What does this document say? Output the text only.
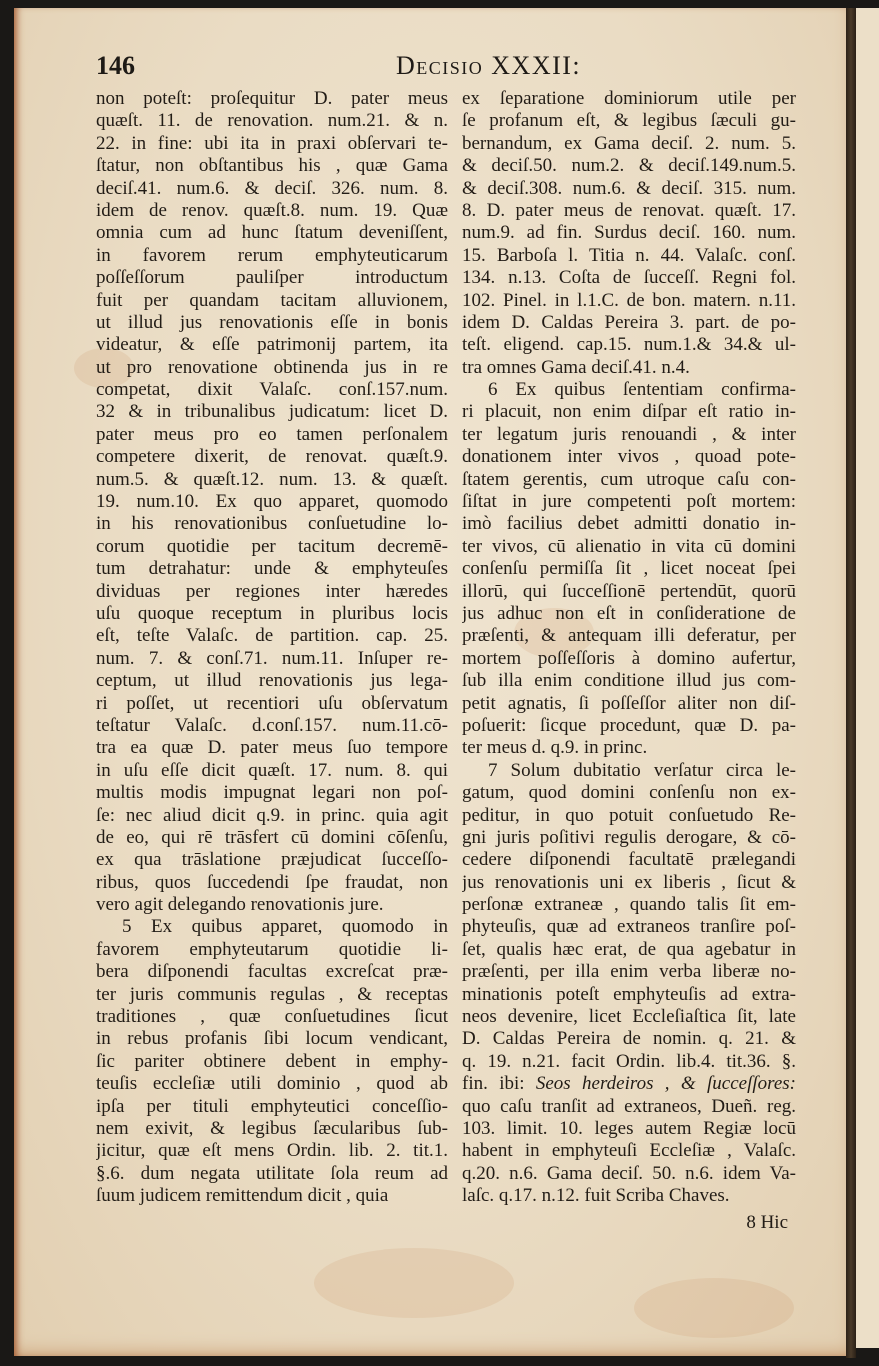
146	Decisio XXXII:
non poteſt: proſequitur D. pater meus
quæſt. 11. de renovation. num.21. & n.
22. in fine: ubi ita in praxi obſervari te-
ſtatur, non obſtantibus his , quæ Gama
deciſ.41. num.6. & deciſ. 326. num. 8.
idem de renov. quæſt.8. num. 19. Quæ
omnia cum ad hunc ſtatum deveniſſent,
in favorem rerum emphyteuticarum
poſſeſſorum pauliſper introductum
fuit per quandam tacitam alluvionem,
ut illud jus renovationis eſſe in bonis
videatur, & eſſe patrimonij partem, ita
ut pro renovatione obtinenda jus in re
competat, dixit Valaſc. conſ.157.num.
32 & in tribunalibus judicatum: licet D.
pater meus pro eo tamen perſonalem
competere dixerit, de renovat. quæſt.9.
num.5. & quæſt.12. num. 13. & quæſt.
19. num.10. Ex quo apparet, quomodo
in his renovationibus conſuetudine lo-
corum quotidie per tacitum decremē-
tum detrahatur: unde & emphyteuſes
dividuas per regiones inter hæredes
uſu quoque receptum in pluribus locis
eſt, teſte Valaſc. de partition. cap. 25.
num. 7. & conſ.71. num.11. Inſuper re-
ceptum, ut illud renovationis jus lega-
ri poſſet, ut recentiori uſu obſervatum
teſtatur Valaſc. d.conſ.157. num.11.cō-
tra ea quæ D. pater meus ſuo tempore
in uſu eſſe dicit quæſt. 17. num. 8. qui
multis modis impugnat legari non poſ-
ſe: nec aliud dicit q.9. in princ. quia agit
de eo, qui rē trāsfert cū domini cōſenſu,
ex qua trāslatione præjudicat ſucceſſo-
ribus, quos ſuccedendi ſpe fraudat, non
vero agit delegando renovationis jure.
5 Ex quibus apparet, quomodo in
favorem emphyteutarum quotidie li-
bera diſponendi facultas excreſcat præ-
ter juris communis regulas , & receptas
traditiones , quæ conſuetudines ſicut
in rebus profanis ſibi locum vendicant,
ſic pariter obtinere debent in emphy-
teuſis eccleſiæ utili dominio , quod ab
ipſa per tituli emphyteutici conceſſio-
nem exivit, & legibus ſæcularibus ſub-
jicitur, quæ eſt mens Ordin. lib. 2. tit.1.
§.6. dum negata utilitate ſola reum ad
ſuum judicem remittendum dicit , quia
ex ſeparatione dominiorum utile per
ſe profanum eſt, & legibus ſæculi gu-
bernandum, ex Gama deciſ. 2. num. 5.
& deciſ.50. num.2. & deciſ.149.num.5.
& deciſ.308. num.6. & deciſ. 315. num.
8. D. pater meus de renovat. quæſt. 17.
num.9. ad fin. Surdus deciſ. 160. num.
15. Barboſa l. Titia n. 44. Valaſc. conſ.
134. n.13. Coſta de ſucceſſ. Regni fol.
102. Pinel. in l.1.C. de bon. matern. n.11.
idem D. Caldas Pereira 3. part. de po-
teſt. eligend. cap.15. num.1.& 34.& ul-
tra omnes Gama deciſ.41. n.4.
6 Ex quibus ſententiam confirma-
ri placuit, non enim diſpar eſt ratio in-
ter legatum juris renouandi , & inter
donationem inter vivos , quoad pote-
ſtatem gerentis, cum utroque caſu con-
ſiſtat in jure competenti poſt mortem:
imò facilius debet admitti donatio in-
ter vivos, cū alienatio in vita cū domini
conſenſu permiſſa ſit , licet noceat ſpei
illorū, qui ſucceſſionē pertendūt, quorū
jus adhuc non eſt in conſideratione de
præſenti, & antequam illi deferatur, per
mortem poſſeſſoris à domino aufertur,
ſub illa enim conditione illud jus com-
petit agnatis, ſi poſſeſſor aliter non diſ-
poſuerit: ſicque procedunt, quæ D. pa-
ter meus d. q.9. in princ.
7 Solum dubitatio verſatur circa le-
gatum, quod domini conſenſu non ex-
peditur, in quo potuit conſuetudo Re-
gni juris poſitivi regulis derogare, & cō-
cedere diſponendi facultatē prælegandi
jus renovationis uni ex liberis , ſicut &
perſonæ extraneæ , quando talis ſit em-
phyteuſis, quæ ad extraneos tranſire poſ-
ſet, qualis hæc erat, de qua agebatur in
præſenti, per illa enim verba liberæ no-
minationis poteſt emphyteuſis ad extra-
neos devenire, licet Eccleſiaſtica ſit, late
D. Caldas Pereira de nomin. q. 21. &
q. 19. n.21. facit Ordin. lib.4. tit.36. §.
fin. ibi: Seos herdeiros , & ſucceſſores:
quo caſu tranſit ad extraneos, Dueñ. reg.
103. limit. 10. leges autem Regiæ locū
habent in emphyteuſi Eccleſiæ , Valaſc.
q.20. n.6. Gama deciſ. 50. n.6. idem Va-
laſc. q.17. n.12. fuit Scriba Chaves.
8 Hic
